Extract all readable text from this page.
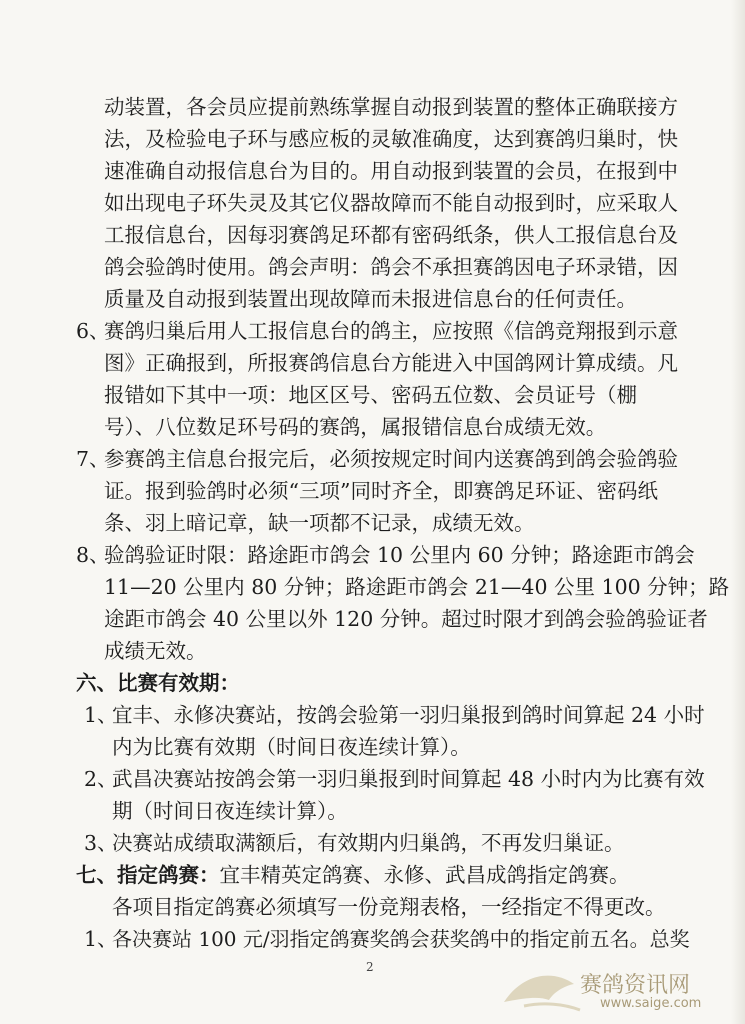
动装置，各会员应提前熟练掌握自动报到装置的整体正确联接方
法，及检验电子环与感应板的灵敏准确度，达到赛鸽归巢时，快
速准确自动报信息台为目的。用自动报到装置的会员，在报到中
如出现电子环失灵及其它仪器故障而不能自动报到时，应采取人
工报信息台，因每羽赛鸽足环都有密码纸条，供人工报信息台及
鸽会验鸽时使用。鸽会声明：鸽会不承担赛鸽因电子环录错，因
质量及自动报到装置出现故障而未报进信息台的任何责任。
6、
赛鸽归巢后用人工报信息台的鸽主，应按照《信鸽竞翔报到示意
图》正确报到，所报赛鸽信息台方能进入中国鸽网计算成绩。凡
报错如下其中一项：地区区号、密码五位数、会员证号（棚
号）、八位数足环号码的赛鸽，属报错信息台成绩无效。
7、
参赛鸽主信息台报完后，必须按规定时间内送赛鸽到鸽会验鸽验
证。报到验鸽时必须“三项”同时齐全，即赛鸽足环证、密码纸
条、羽上暗记章，缺一项都不记录，成绩无效。
8、
验鸽验证时限：路途距市鸽会 10 公里内 60 分钟；路途距市鸽会
11—20 公里内 80 分钟；路途距市鸽会 21—40 公里 100 分钟；路
途距市鸽会 40 公里以外 120 分钟。超过时限才到鸽会验鸽验证者
成绩无效。
六、比赛有效期：
1、
宜丰、永修决赛站，按鸽会验第一羽归巢报到鸽时间算起 24 小时
内为比赛有效期（时间日夜连续计算）。
2、
武昌决赛站按鸽会第一羽归巢报到时间算起 48 小时内为比赛有效
期（时间日夜连续计算）。
3、
决赛站成绩取满额后，有效期内归巢鸽，不再发归巢证。
七、指定鸽赛：宜丰精英定鸽赛、永修、武昌成鸽指定鸽赛。
各项目指定鸽赛必须填写一份竞翔表格，一经指定不得更改。
1、
各决赛站 100 元/羽指定鸽赛奖鸽会获奖鸽中的指定前五名。总奖
2
赛鸽资讯网
www.saige.com
